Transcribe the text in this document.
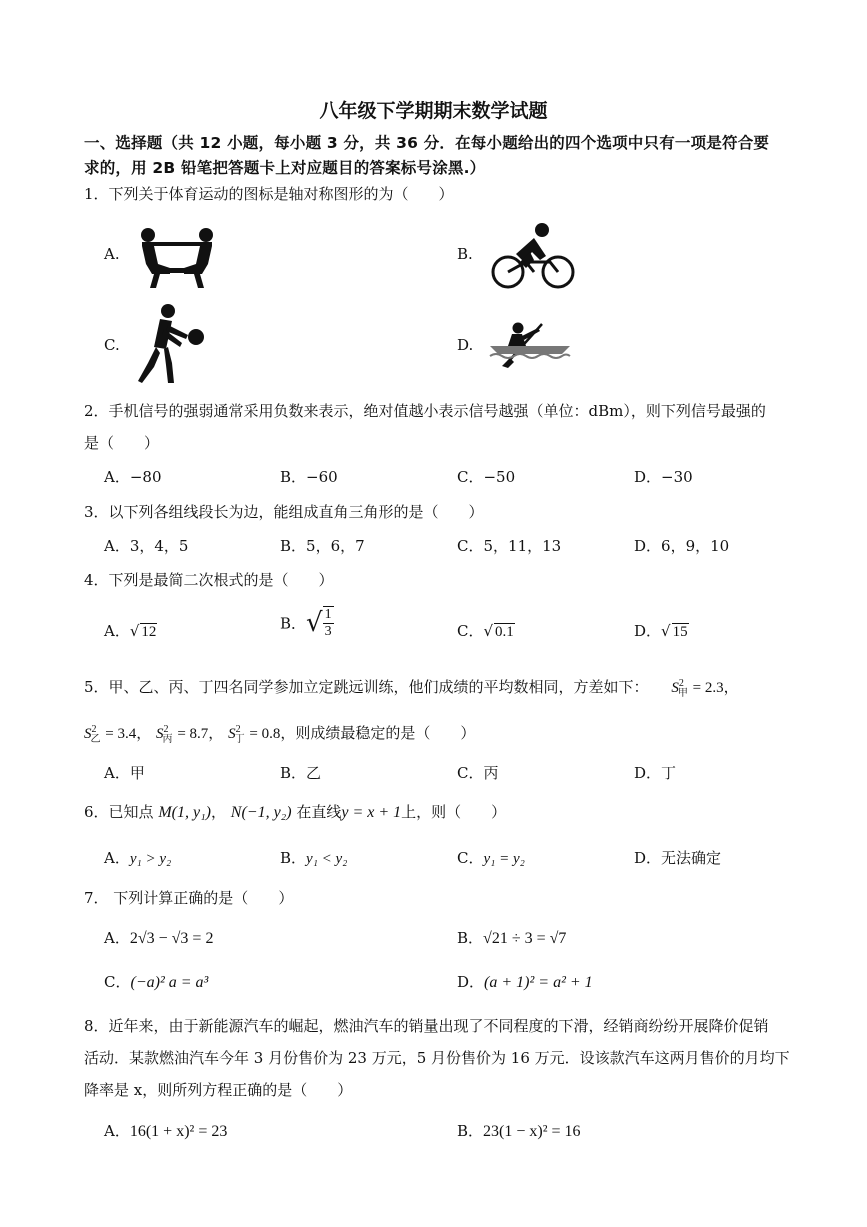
八年级下学期期末数学试题
一、选择题（共 12 小题，每小题 3 分，共 36 分．在每小题给出的四个选项中只有一项是符合要
求的，用 2B 铅笔把答题卡上对应题目的答案标号涂黑.）
1．下列关于体育运动的图标是轴对称图形的为（　　）
A.	B.
C.	D.
2．手机信号的强弱通常采用负数来表示，绝对值越小表示信号越强（单位：dBm），则下列信号最强的
是（　　）
A．−80	B．−60	C．−50	D．−30
3．以下列各组线段长为边，能组成直角三角形的是（　　）
A．3，4，5	B．5，6，7	C．5，11，13	D．6，9，10
4．下列是最简二次根式的是（　　）
A．√ 12	B．√ $\frac{1}{3}$	C．√ 0.1	D．√ 15
5．甲、乙、丙、丁四名同学参加立定跳远训练，他们成绩的平均数相同，方差如下： $S^2_甲 = 2.3$，
$S^2_乙 = 3.4$， $S^2_丙 = 8.7$， $S^2_丁 = 0.8$，则成绩最稳定的是（　　）
A．甲	B．乙	C．丙	D．丁
6．已知点 M(1, y₁)， N(−1, y₂) 在直线y = x + 1上，则（　　）
A．y₁ > y₂	B．y₁ < y₂	C．y₁ = y₂	D．无法确定
7． 下列计算正确的是（　　）
A．2√3 − √3 = 2	B．√21 ÷ 3 = √7
C．(−a)² a = a³	D．(a + 1)² = a² + 1
8．近年来，由于新能源汽车的崛起，燃油汽车的销量出现了不同程度的下滑，经销商纷纷开展降价促销
活动．某款燃油汽车今年 3 月份售价为 23 万元，5 月份售价为 16 万元．设该款汽车这两月售价的月均下
降率是 x，则所列方程正确的是（　　）
A．16(1 + x)² = 23	B．23(1 − x)² = 16
